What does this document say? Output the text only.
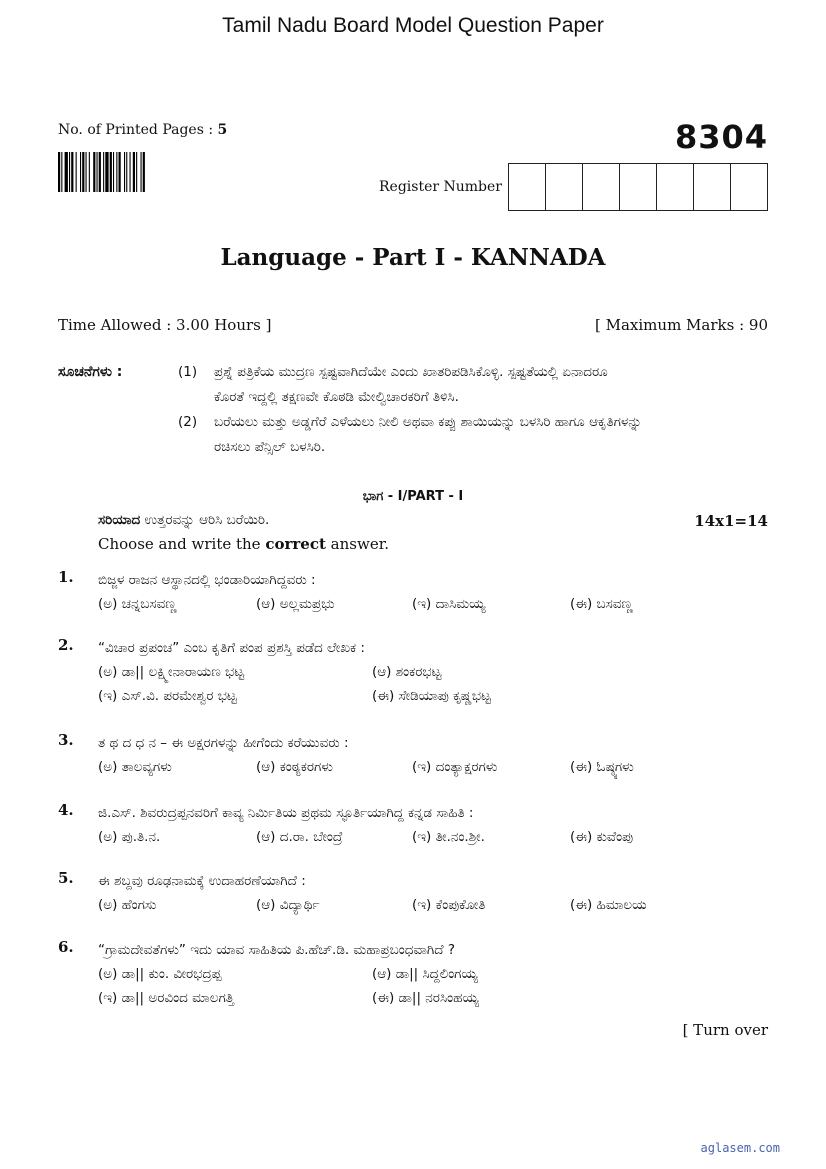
Tamil Nadu Board Model Question Paper
No. of Printed Pages : 5	8304
Register Number
Language - Part I - KANNADA
Time Allowed : 3.00 Hours ]	[ Maximum Marks : 90
ಸೂಚನೆಗಳು :	(1) ಪ್ರಶ್ನೆ ಪತ್ರಿಕೆಯ ಮುದ್ರಣ ಸ್ಪಷ್ಟವಾಗಿದೆಯೇ ಎಂದು ಖಾತರಿಪಡಿಸಿಕೊಳ್ಳಿ. ಸ್ಪಷ್ಟತೆಯಲ್ಲಿ ಏನಾದರೂ
ಕೊರತೆ ಇದ್ದಲ್ಲಿ ತಕ್ಷಣವೇ ಕೊಠಡಿ ಮೇಲ್ವಿಚಾರಕರಿಗೆ ತಿಳಿಸಿ.
(2) ಬರೆಯಲು ಮತ್ತು ಅಡ್ಡಗೆರೆ ಎಳೆಯಲು ನೀಲಿ ಅಥವಾ ಕಪ್ಪು ಶಾಯಿಯನ್ನು ಬಳಸಿರಿ ಹಾಗೂ ಆಕೃತಿಗಳನ್ನು
ರಚಿಸಲು ಪೆನ್ಸಿಲ್ ಬಳಸಿರಿ.
ಭಾಗ - I/PART - I
ಸರಿಯಾದ ಉತ್ತರವನ್ನು ಆರಿಸಿ ಬರೆಯಿರಿ.	14x1=14
Choose and write the correct answer.
1. ಬಿಜ್ಜಳ ರಾಜನ ಆಸ್ಥಾನದಲ್ಲಿ ಭಂಡಾರಿಯಾಗಿದ್ದವರು :
(ಅ) ಚನ್ನಬಸವಣ್ಣ	(ಆ) ಅಲ್ಲಮಪ್ರಭು	(ಇ) ದಾಸಿಮಯ್ಯ	(ಈ) ಬಸವಣ್ಣ
2. “ವಿಚಾರ ಪ್ರಪಂಚ” ಎಂಬ ಕೃತಿಗೆ ಪಂಪ ಪ್ರಶಸ್ತಿ ಪಡೆದ ಲೇಖಕ :
(ಅ) ಡಾ|| ಲಕ್ಷ್ಮೀನಾರಾಯಣ ಭಟ್ಟ	(ಆ) ಶಂಕರಭಟ್ಟ
(ಇ) ಎಸ್.ವಿ. ಪರಮೇಶ್ವರ ಭಟ್ಟ	(ಈ) ಸೇಡಿಯಾಪು ಕೃಷ್ಣಭಟ್ಟ
3. ತ ಥ ದ ಧ ನ – ಈ ಅಕ್ಷರಗಳನ್ನು ಹೀಗೆಂದು ಕರೆಯುವರು :
(ಅ) ತಾಲವ್ಯಗಳು	(ಆ) ಕಂಠ್ಯಕರಗಳು	(ಇ) ದಂತ್ಯಾಕ್ಷರಗಳು	(ಈ) ಓಷ್ಠ್ಯಗಳು
4. ಜಿ.ಎಸ್. ಶಿವರುದ್ರಪ್ಪನವರಿಗೆ ಕಾವ್ಯ ನಿರ್ಮಿತಿಯ ಪ್ರಥಮ ಸ್ಫೂರ್ತಿಯಾಗಿದ್ದ ಕನ್ನಡ ಸಾಹಿತಿ :
(ಅ) ಪು.ತಿ.ನ.	(ಆ) ದ.ರಾ. ಬೇಂದ್ರೆ	(ಇ) ತೀ.ನಂ.ಶ್ರೀ.	(ಈ) ಕುವೆಂಪು
5. ಈ ಶಬ್ದವು ರೂಢನಾಮಕ್ಕೆ ಉದಾಹರಣೆಯಾಗಿದೆ :
(ಅ) ಹೆಂಗಸು	(ಆ) ವಿದ್ಯಾರ್ಥಿ	(ಇ) ಕೆಂಪುಕೋತಿ	(ಈ) ಹಿಮಾಲಯ
6. “ಗ್ರಾಮದೇವತೆಗಳು” ಇದು ಯಾವ ಸಾಹಿತಿಯ ಪಿ.ಹೆಚ್.ಡಿ. ಮಹಾಪ್ರಬಂಧವಾಗಿದೆ ?
(ಅ) ಡಾ|| ಕುಂ. ವೀರಭದ್ರಪ್ಪ	(ಆ) ಡಾ|| ಸಿದ್ದಲಿಂಗಯ್ಯ
(ಇ) ಡಾ|| ಅರವಿಂದ ಮಾಲಗತ್ತಿ	(ಈ) ಡಾ|| ನರಸಿಂಹಯ್ಯ
[ Turn over
aglasem.com
